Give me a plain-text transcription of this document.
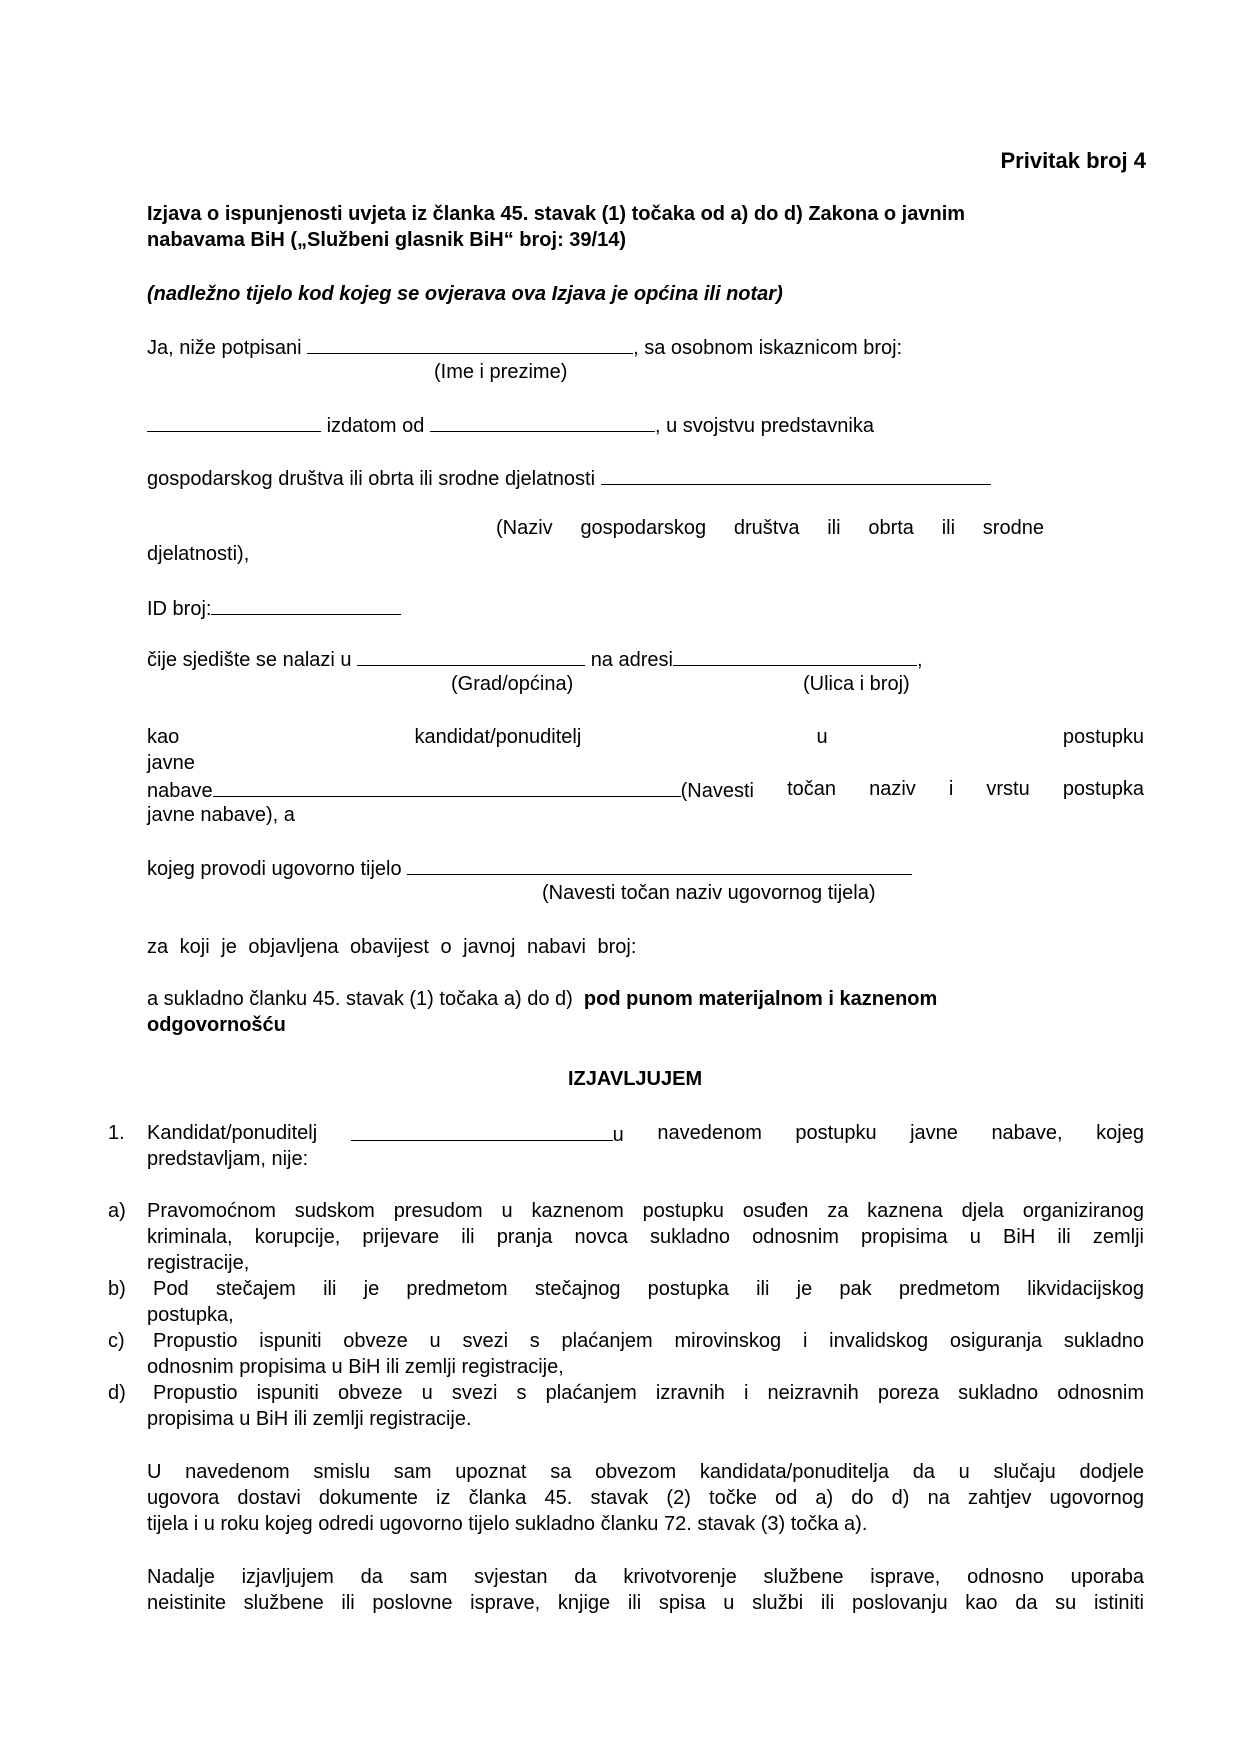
Privitak broj 4
Izjava o ispunjenosti uvjeta iz članka 45. stavak (1) točaka od a) do d) Zakona o javnim
nabavama BiH („Službeni glasnik BiH“ broj: 39/14)
(nadležno tijelo kod kojeg se ovjerava ova Izjava je općina ili notar)
Ja, niže potpisani	, sa osobnom iskaznicom broj:
(Ime i prezime)
izdatom od	, u svojstvu predstavnika
gospodarskog društva ili obrta ili srodne djelatnosti
(Naziv gospodarskog društva ili obrta ili srodne
djelatnosti),
ID broj:
čije sjedište se nalazi u	na adresi	,
(Grad/općina)	(Ulica i broj)
kao	kandidat/ponuditelj	u	postupku
javne
nabave	(Navesti točan naziv i vrstu postupka
javne nabave), a
kojeg provodi ugovorno tijelo
(Navesti točan naziv ugovornog tijela)
za koji je objavljena obavijest o javnoj nabavi broj:
a sukladno članku 45. stavak (1) točaka a) do d) pod punom materijalnom i kaznenom
odgovornošću
IZJAVLJUJEM
1. Kandidat/ponuditelj	u navedenom postupku javne nabave, kojeg
predstavljam, nije:
a) Pravomoćnom sudskom presudom u kaznenom postupku osuđen za kaznena djela organiziranog
kriminala, korupcije, prijevare ili pranja novca sukladno odnosnim propisima u BiH ili zemlji
registracije,
b) Pod stečajem ili je predmetom stečajnog postupka ili je pak predmetom likvidacijskog
postupka,
c) Propustio ispuniti obveze u svezi s plaćanjem mirovinskog i invalidskog osiguranja sukladno
odnosnim propisima u BiH ili zemlji registracije,
d) Propustio ispuniti obveze u svezi s plaćanjem izravnih i neizravnih poreza sukladno odnosnim
propisima u BiH ili zemlji registracije.
U navedenom smislu sam upoznat sa obvezom kandidata/ponuditelja da u slučaju dodjele
ugovora dostavi dokumente iz članka 45. stavak (2) točke od a) do d) na zahtjev ugovornog
tijela i u roku kojeg odredi ugovorno tijelo sukladno članku 72. stavak (3) točka a).
Nadalje izjavljujem da sam svjestan da krivotvorenje službene isprave, odnosno uporaba
neistinite službene ili poslovne isprave, knjige ili spisa u službi ili poslovanju kao da su istiniti
